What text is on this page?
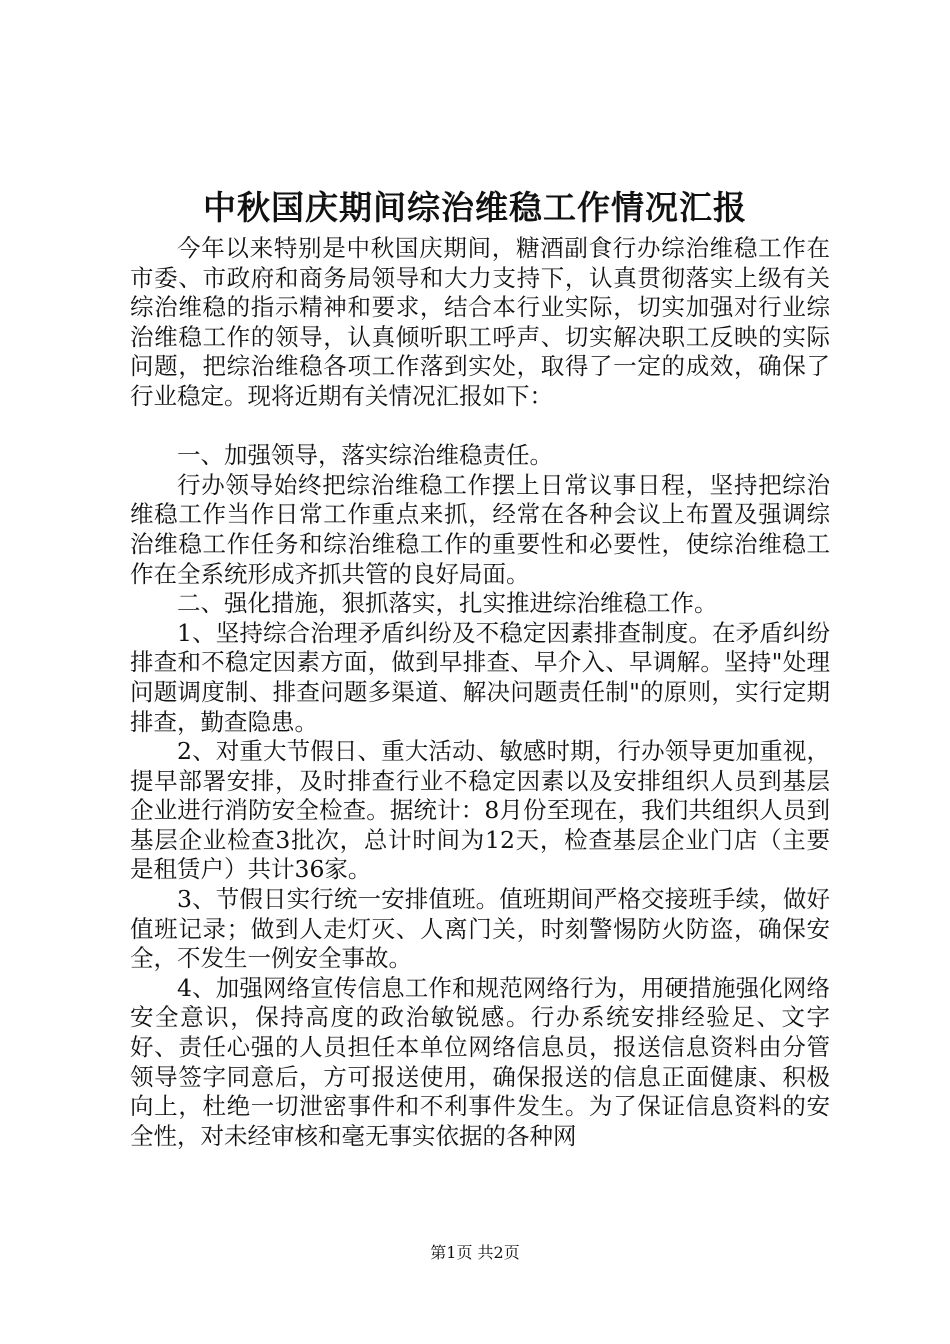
中秋国庆期间综治维稳工作情况汇报

今年以来特别是中秋国庆期间，糖酒副食行办综治维稳工作在市委、市政府和商务局领导和大力支持下，认真贯彻落实上级有关综治维稳的指示精神和要求，结合本行业实际，切实加强对行业综治维稳工作的领导，认真倾听职工呼声、切实解决职工反映的实际问题，把综治维稳各项工作落到实处，取得了一定的成效，确保了行业稳定。现将近期有关情况汇报如下：

一、加强领导，落实综治维稳责任。

行办领导始终把综治维稳工作摆上日常议事日程，坚持把综治维稳工作当作日常工作重点来抓，经常在各种会议上布置及强调综治维稳工作任务和综治维稳工作的重要性和必要性，使综治维稳工作在全系统形成齐抓共管的良好局面。

二、强化措施，狠抓落实，扎实推进综治维稳工作。

1、坚持综合治理矛盾纠纷及不稳定因素排查制度。在矛盾纠纷排查和不稳定因素方面，做到早排查、早介入、早调解。坚持"处理问题调度制、排查问题多渠道、解决问题责任制"的原则，实行定期排查，勤查隐患。

2、对重大节假日、重大活动、敏感时期，行办领导更加重视，提早部署安排，及时排查行业不稳定因素以及安排组织人员到基层企业进行消防安全检查。据统计：8月份至现在，我们共组织人员到基层企业检查3批次，总计时间为12天，检查基层企业门店（主要是租赁户）共计36家。

3、节假日实行统一安排值班。值班期间严格交接班手续，做好值班记录；做到人走灯灭、人离门关，时刻警惕防火防盗，确保安全，不发生一例安全事故。

4、加强网络宣传信息工作和规范网络行为，用硬措施强化网络安全意识，保持高度的政治敏锐感。行办系统安排经验足、文字好、责任心强的人员担任本单位网络信息员，报送信息资料由分管领导签字同意后，方可报送使用，确保报送的信息正面健康、积极向上，杜绝一切泄密事件和不利事件发生。为了保证信息资料的安全性，对未经审核和毫无事实依据的各种网

第1页 共2页
